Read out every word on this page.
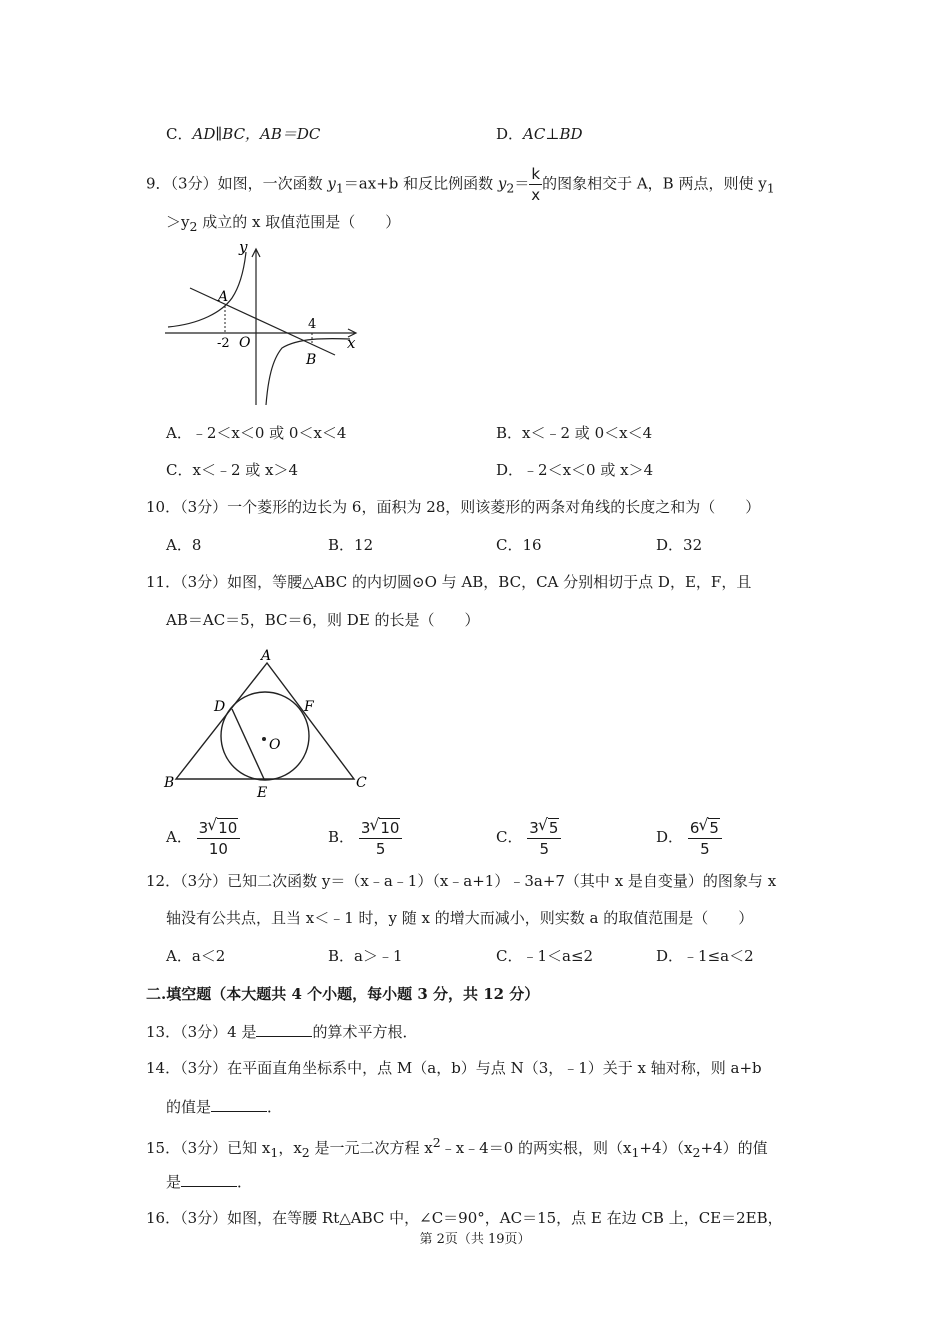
C．AD∥BC，AB＝DC	D．AC⊥BD
9．（3分）如图，一次函数 $y_1=ax+b$ 和反比例函数 $y_2= \frac{k}{x}$ 的图象相交于 A，B 两点，则使 $y_1$
$>y_2$ 成立的 x 取值范围是（　　）
y
x
O
A
B
-2
4
A．﹣2＜x＜0 或 0＜x＜4	B．x＜﹣2 或 0＜x＜4
C．x＜﹣2 或 x＞4	D．﹣2＜x＜0 或 x＞4
10．（3分）一个菱形的边长为 6，面积为 28，则该菱形的两条对角线的长度之和为（　　）
A．8	B．12	C．16	D．32
11．（3分）如图，等腰△ABC 的内切圆⊙O 与 AB，BC，CA 分别相切于点 D，E，F，且
AB＝AC＝5，BC＝6，则 DE 的长是（　　）
A
B	C
D
E
F
O
A． $\frac{3 √ 10}{10}$	B． $\frac{3 √ 10}{5}$	C． $\frac{3 √ 5}{5}$	D． $\frac{6 √ 5}{5}$
12．（3分）已知二次函数 y＝（x﹣a﹣1）（x﹣a+1）﹣3a+7（其中 x 是自变量）的图象与 x
轴没有公共点，且当 x＜﹣1 时，y 随 x 的增大而减小，则实数 a 的取值范围是（　　）
A．a＜2	B．a＞﹣1	C．﹣1＜a≤2	D．﹣1≤a＜2
二.填空题（本大题共 4 个小题，每小题 3 分，共 12 分）
13．（3分）4 是	的算术平方根．
14．（3分）在平面直角坐标系中，点 M（a，b）与点 N（3，﹣1）关于 x 轴对称，则 a+b
的值是	．
15．（3分）已知 $x_1$，$x_2$ 是一元二次方程 $x^2﹣x﹣4=0$ 的两实根，则$(x_1+4)(x_2+4)$的值
是	．
16．（3分）如图，在等腰 Rt△ABC 中，∠C＝90°，AC＝15，点 E 在边 CB 上，CE＝2EB，
第 2页（共 19页）
